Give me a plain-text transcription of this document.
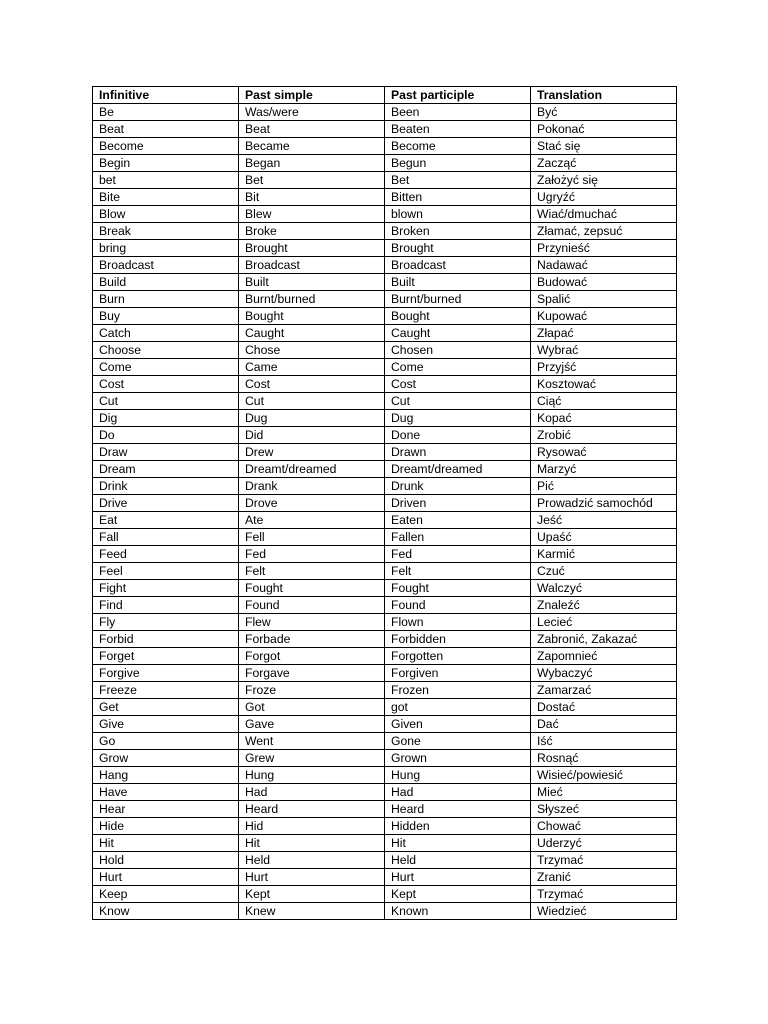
Infinitive	Past simple	Past participle	Translation
Be	Was/were	Been	Być
Beat	Beat	Beaten	Pokonać
Become	Became	Become	Stać się
Begin	Began	Begun	Zacząć
bet	Bet	Bet	Założyć się
Bite	Bit	Bitten	Ugryźć
Blow	Blew	blown	Wiać/dmuchać
Break	Broke	Broken	Złamać, zepsuć
bring	Brought	Brought	Przynieść
Broadcast	Broadcast	Broadcast	Nadawać
Build	Built	Built	Budować
Burn	Burnt/burned	Burnt/burned	Spalić
Buy	Bought	Bought	Kupować
Catch	Caught	Caught	Złapać
Choose	Chose	Chosen	Wybrać
Come	Came	Come	Przyjść
Cost	Cost	Cost	Kosztować
Cut	Cut	Cut	Ciąć
Dig	Dug	Dug	Kopać
Do	Did	Done	Zrobić
Draw	Drew	Drawn	Rysować
Dream	Dreamt/dreamed	Dreamt/dreamed	Marzyć
Drink	Drank	Drunk	Pić
Drive	Drove	Driven	Prowadzić samochód
Eat	Ate	Eaten	Jeść
Fall	Fell	Fallen	Upaść
Feed	Fed	Fed	Karmić
Feel	Felt	Felt	Czuć
Fight	Fought	Fought	Walczyć
Find	Found	Found	Znaleźć
Fly	Flew	Flown	Lecieć
Forbid	Forbade	Forbidden	Zabronić, Zakazać
Forget	Forgot	Forgotten	Zapomnieć
Forgive	Forgave	Forgiven	Wybaczyć
Freeze	Froze	Frozen	Zamarzać
Get	Got	got	Dostać
Give	Gave	Given	Dać
Go	Went	Gone	Iść
Grow	Grew	Grown	Rosnąć
Hang	Hung	Hung	Wisieć/powiesić
Have	Had	Had	Mieć
Hear	Heard	Heard	Słyszeć
Hide	Hid	Hidden	Chować
Hit	Hit	Hit	Uderzyć
Hold	Held	Held	Trzymać
Hurt	Hurt	Hurt	Zranić
Keep	Kept	Kept	Trzymać
Know	Knew	Known	Wiedzieć
